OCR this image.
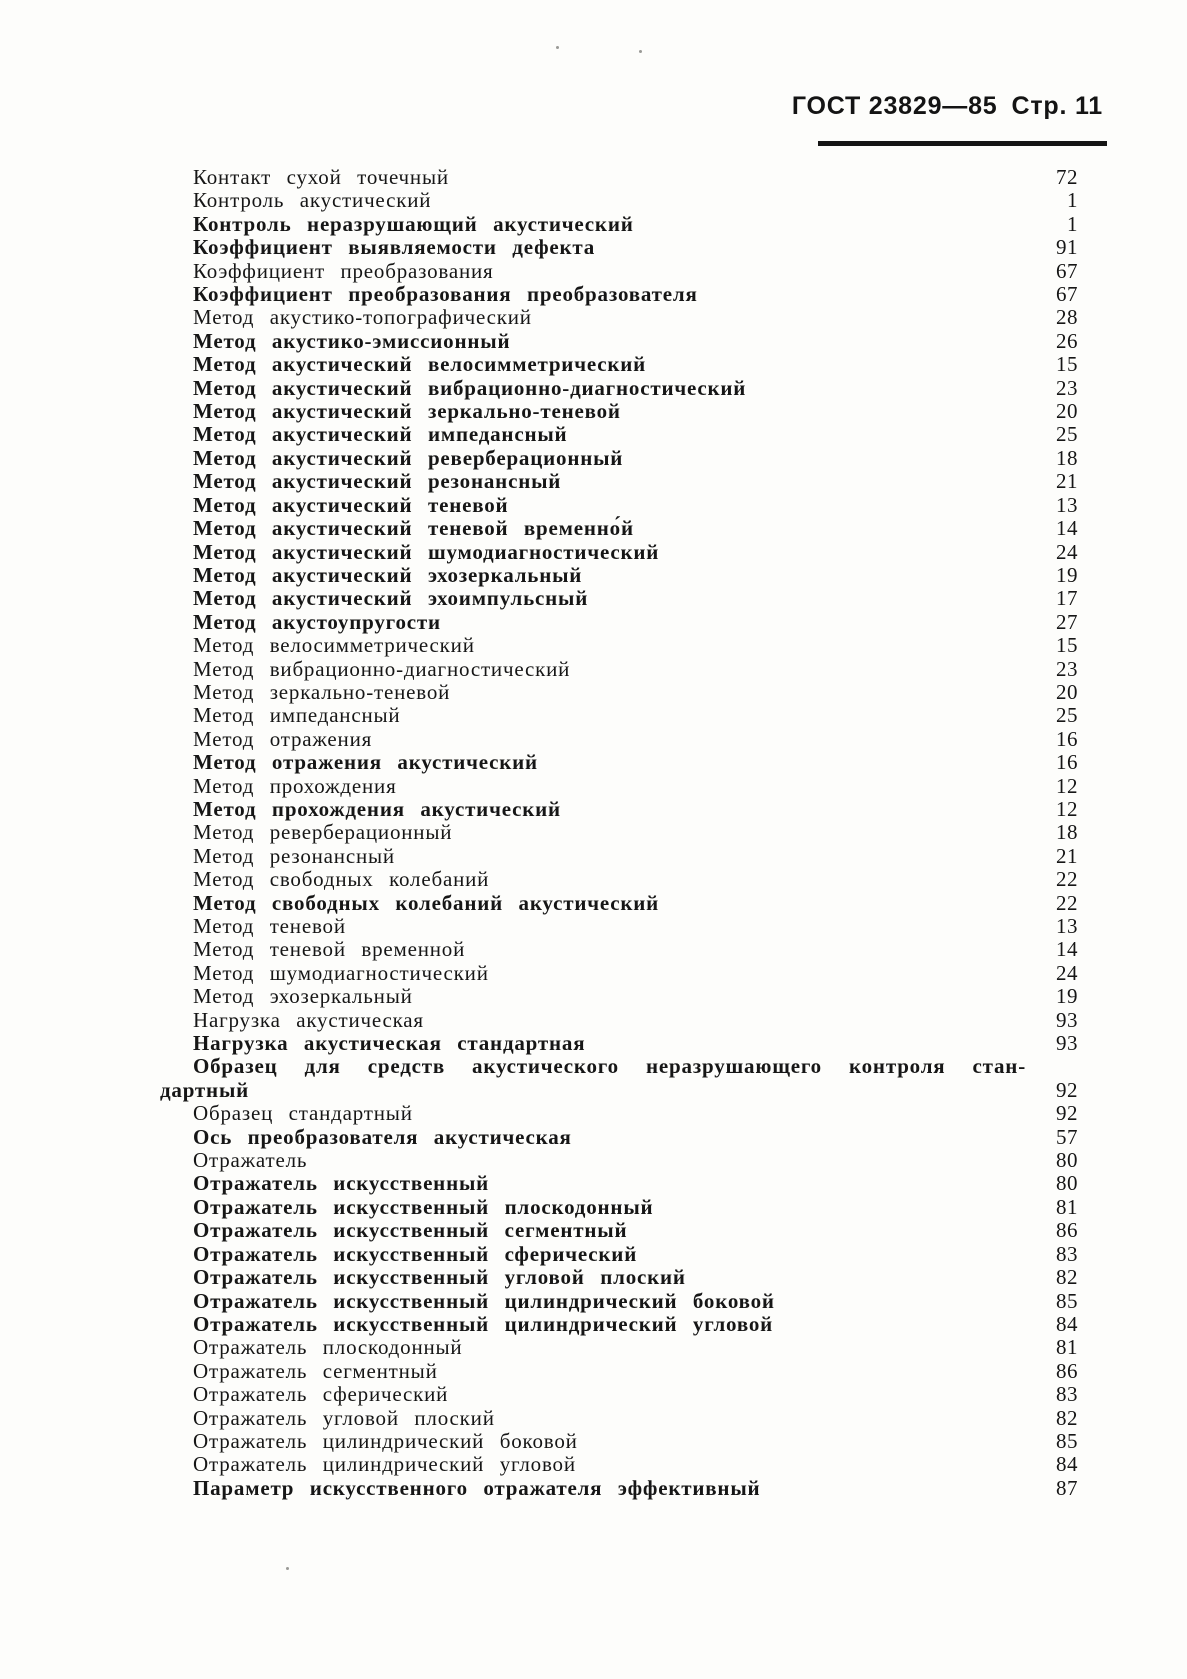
ГОСТ 23829—85 Стр. 11
Контакт сухой точечный	72
Контроль акустический	1
Контроль неразрушающий акустический	1
Коэффициент выявляемости дефекта	91
Коэффициент преобразования	67
Коэффициент преобразования преобразователя	67
Метод акустико-топографический	28
Метод акустико-эмиссионный	26
Метод акустический велосимметрический	15
Метод акустический вибрационно-диагностический	23
Метод акустический зеркально-теневой	20
Метод акустический импедансный	25
Метод акустический реверберационный	18
Метод акустический резонансный	21
Метод акустический теневой	13
Метод акустический теневой временно́й	14
Метод акустический шумодиагностический	24
Метод акустический эхозеркальный	19
Метод акустический эхоимпульсный	17
Метод акустоупругости	27
Метод велосимметрический	15
Метод вибрационно-диагностический	23
Метод зеркально-теневой	20
Метод импедансный	25
Метод отражения	16
Метод отражения акустический	16
Метод прохождения	12
Метод прохождения акустический	12
Метод реверберационный	18
Метод резонансный	21
Метод свободных колебаний	22
Метод свободных колебаний акустический	22
Метод теневой	13
Метод теневой временной	14
Метод шумодиагностический	24
Метод эхозеркальный	19
Нагрузка акустическая	93
Нагрузка акустическая стандартная	93
Образец для средств акустического неразрушающего контроля стан-
дартный	92
Образец стандартный	92
Ось преобразователя акустическая	57
Отражатель	80
Отражатель искусственный	80
Отражатель искусственный плоскодонный	81
Отражатель искусственный сегментный	86
Отражатель искусственный сферический	83
Отражатель искусственный угловой плоский	82
Отражатель искусственный цилиндрический боковой	85
Отражатель искусственный цилиндрический угловой	84
Отражатель плоскодонный	81
Отражатель сегментный	86
Отражатель сферический	83
Отражатель угловой плоский	82
Отражатель цилиндрический боковой	85
Отражатель цилиндрический угловой	84
Параметр искусственного отражателя эффективный	87
